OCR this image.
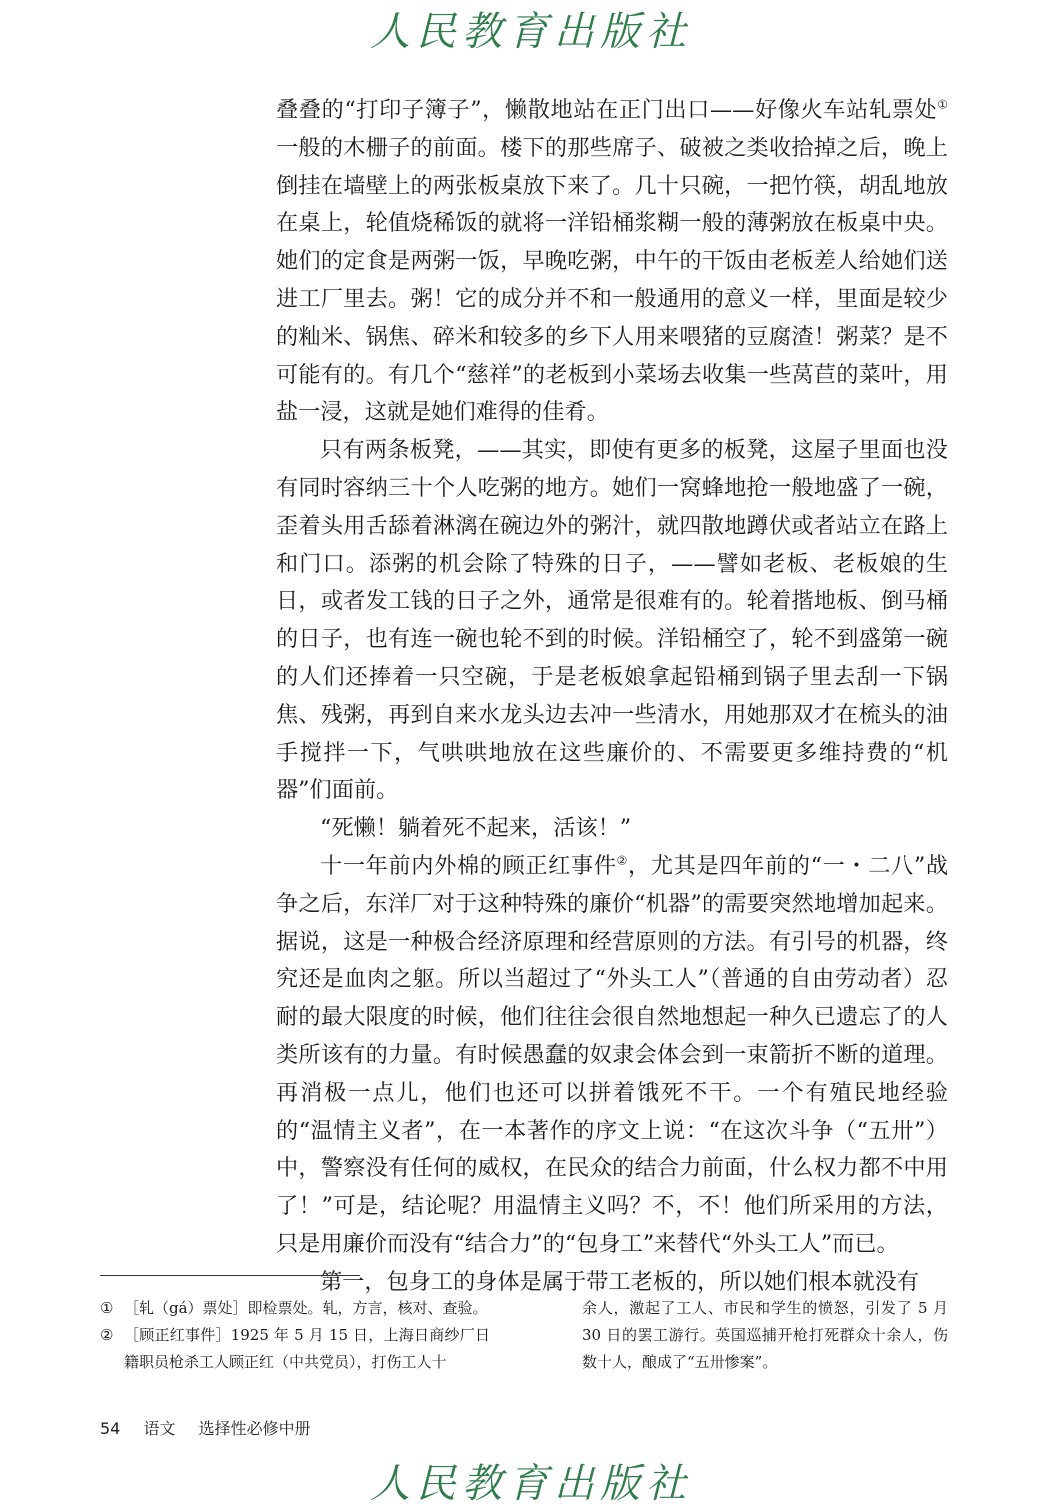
人民教育出版社

叠叠的“打印子簿子”，懒散地站在正门出口——好像火车站轧票处①一般的木栅子的前面。楼下的那些席子、破被之类收拾掉之后，晚上倒挂在墙壁上的两张板桌放下来了。几十只碗，一把竹筷，胡乱地放在桌上，轮值烧稀饭的就将一洋铅桶浆糊一般的薄粥放在板桌中央。她们的定食是两粥一饭，早晚吃粥，中午的干饭由老板差人给她们送进工厂里去。粥！它的成分并不和一般通用的意义一样，里面是较少的籼米、锅焦、碎米和较多的乡下人用来喂猪的豆腐渣！粥菜？是不可能有的。有几个“慈祥”的老板到小菜场去收集一些莴苣的菜叶，用盐一浸，这就是她们难得的佳肴。

只有两条板凳，——其实，即使有更多的板凳，这屋子里面也没有同时容纳三十个人吃粥的地方。她们一窝蜂地抢一般地盛了一碗，歪着头用舌舔着淋漓在碗边外的粥汁，就四散地蹲伏或者站立在路上和门口。添粥的机会除了特殊的日子，——譬如老板、老板娘的生日，或者发工钱的日子之外，通常是很难有的。轮着揩地板、倒马桶的日子，也有连一碗也轮不到的时候。洋铅桶空了，轮不到盛第一碗的人们还捧着一只空碗，于是老板娘拿起铅桶到锅子里去刮一下锅焦、残粥，再到自来水龙头边去冲一些清水，用她那双才在梳头的油手搅拌一下，气哄哄地放在这些廉价的、不需要更多维持费的“机器”们面前。

“死懒！躺着死不起来，活该！”

十一年前内外棉的顾正红事件②，尤其是四年前的“一・二八”战争之后，东洋厂对于这种特殊的廉价“机器”的需要突然地增加起来。据说，这是一种极合经济原理和经营原则的方法。有引号的机器，终究还是血肉之躯。所以当超过了“外头工人”（普通的自由劳动者）忍耐的最大限度的时候，他们往往会很自然地想起一种久已遗忘了的人类所该有的力量。有时候愚蠢的奴隶会体会到一束箭折不断的道理。再消极一点儿，他们也还可以拼着饿死不干。一个有殖民地经验的“温情主义者”，在一本著作的序文上说：“在这次斗争（“五卅”）中，警察没有任何的威权，在民众的结合力前面，什么权力都不中用了！”可是，结论呢？用温情主义吗？不，不！他们所采用的方法，只是用廉价而没有“结合力”的“包身工”来替代“外头工人”而已。

第一，包身工的身体是属于带工老板的，所以她们根本就没有

① ［轧（gá）票处］即检票处。轧，方言，核对、查验。
② ［顾正红事件］1925 年 5 月 15 日，上海日商纱厂日籍职员枪杀工人顾正红（中共党员），打伤工人十
余人，激起了工人、市民和学生的愤怒，引发了 5 月 30 日的罢工游行。英国巡捕开枪打死群众十余人，伤数十人，酿成了“五卅惨案”。
54 语文 选择性必修中册
人民教育出版社
